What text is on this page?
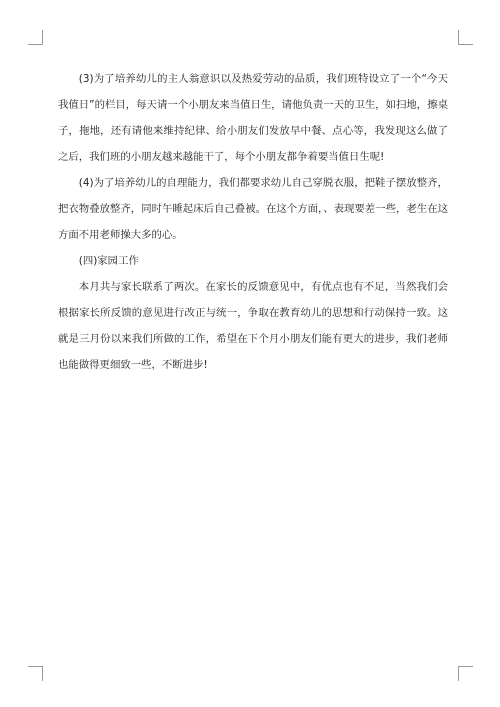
(3)为了培养幼儿的主人翁意识以及热爱劳动的品质，我们班特设立了一个“今天我值日”的栏目，每天请一个小朋友来当值日生，请他负责一天的卫生，如扫地，擦桌子，拖地，还有请他来维持纪律、给小朋友们发放早中餐、点心等，我发现这么做了之后，我们班的小朋友越来越能干了，每个小朋友都争着要当值日生呢!

(4)为了培养幼儿的自理能力，我们都要求幼儿自己穿脱衣服，把鞋子摆放整齐，把衣物叠放整齐，同时午睡起床后自己叠被。在这个方面，、表现要差一些，老生在这方面不用老师操大多的心。

(四)家园工作

本月共与家长联系了两次。在家长的反馈意见中，有优点也有不足，当然我们会根据家长所反馈的意见进行改正与统一，争取在教育幼儿的思想和行动保持一致。这就是三月份以来我们所做的工作，希望在下个月小朋友们能有更大的进步，我们老师也能做得更细致一些，不断进步!
